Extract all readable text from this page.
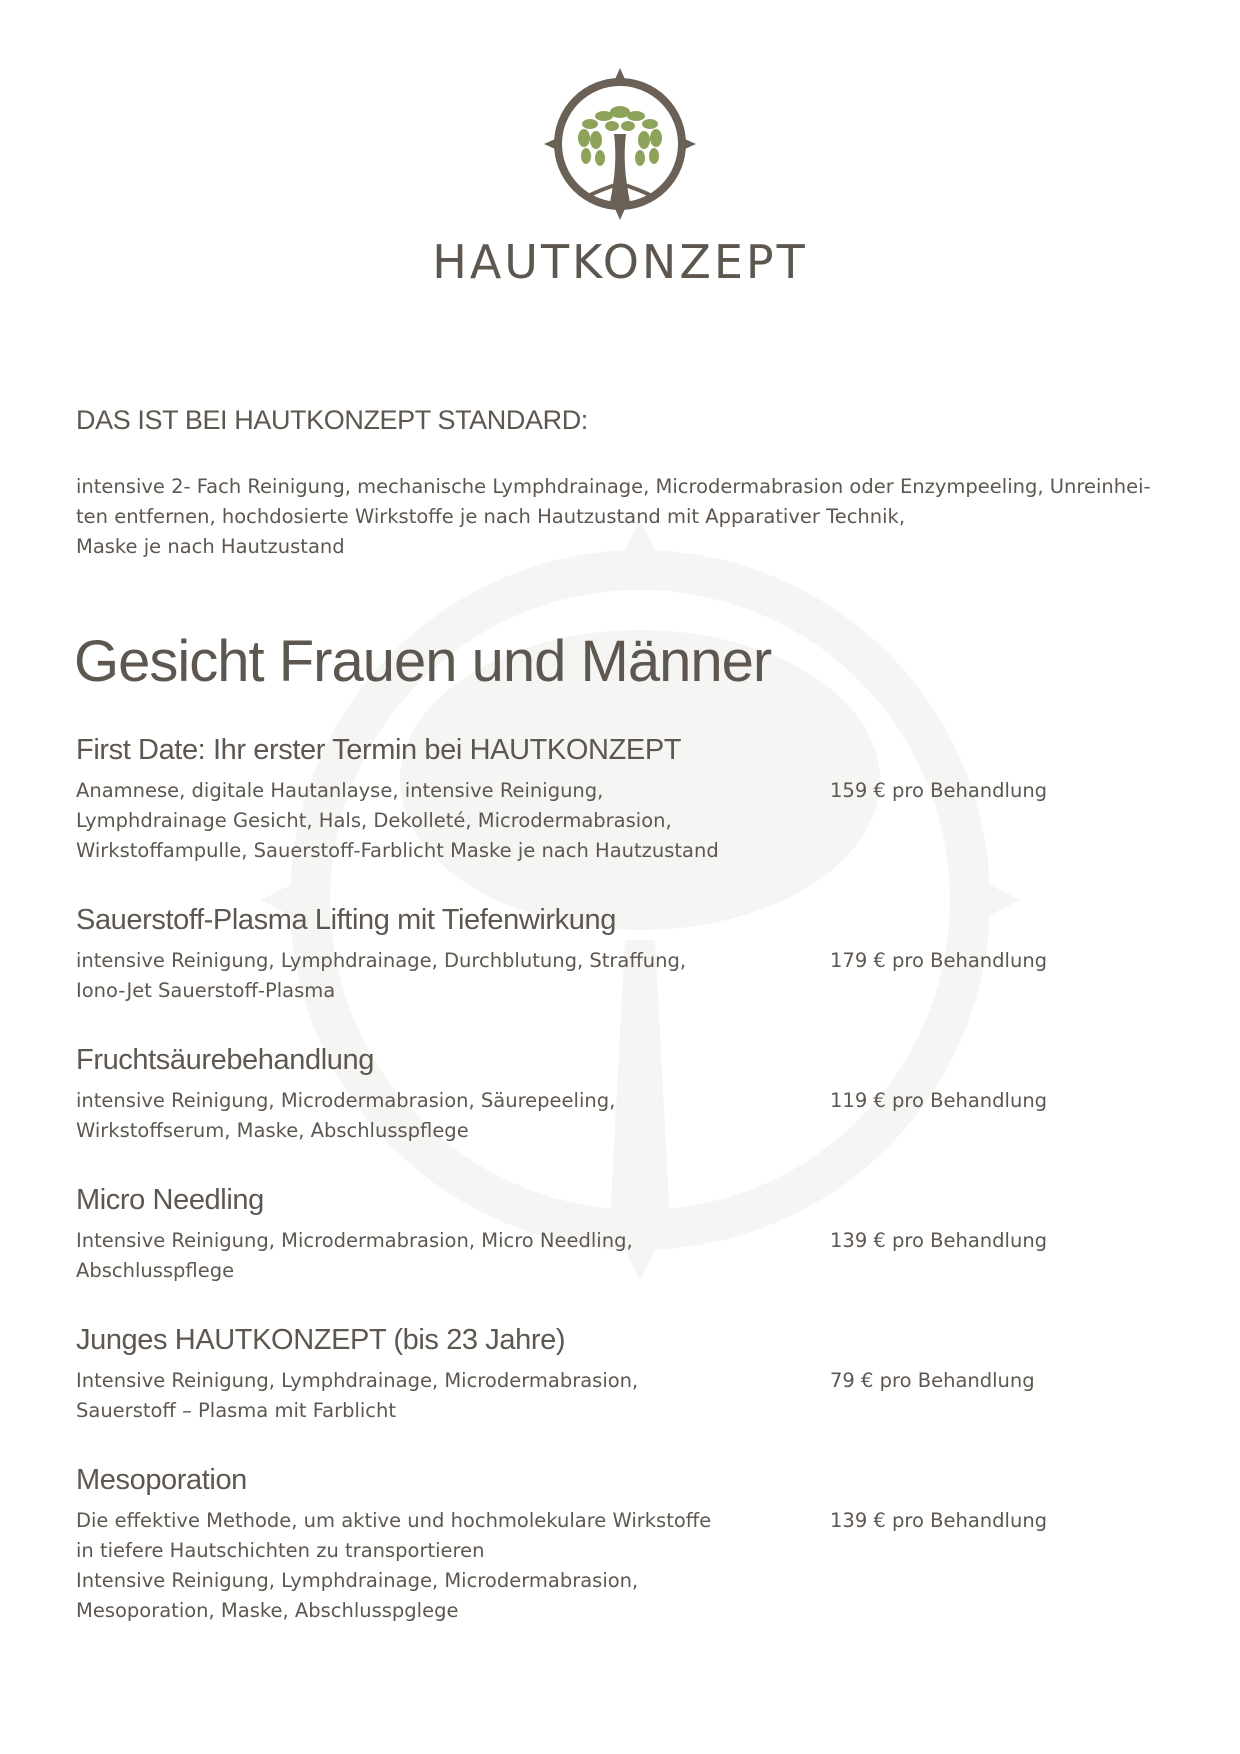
HAUTKONZEPT
DAS IST BEI HAUTKONZEPT STANDARD:
intensive 2- Fach Reinigung, mechanische Lymphdrainage, Microdermabrasion oder Enzympeeling, Unreinhei-
ten entfernen, hochdosierte Wirkstoffe je nach Hautzustand mit Apparativer Technik,
Maske je nach Hautzustand
Gesicht Frauen und Männer
First Date: Ihr erster Termin bei HAUTKONZEPT
Anamnese, digitale Hautanlayse, intensive Reinigung,
Lymphdrainage Gesicht, Hals, Dekolleté, Microdermabrasion,
Wirkstoffampulle, Sauerstoff-Farblicht Maske je nach Hautzustand
159 € pro Behandlung
Sauerstoff-Plasma Lifting mit Tiefenwirkung
intensive Reinigung, Lymphdrainage, Durchblutung, Straffung,
Iono-Jet Sauerstoff-Plasma
179 € pro Behandlung
Fruchtsäurebehandlung
intensive Reinigung, Microdermabrasion, Säurepeeling,
Wirkstoffserum, Maske, Abschlusspflege
119 € pro Behandlung
Micro Needling
Intensive Reinigung, Microdermabrasion, Micro Needling,
Abschlusspflege
139 € pro Behandlung
Junges HAUTKONZEPT (bis 23 Jahre)
Intensive Reinigung, Lymphdrainage, Microdermabrasion,
Sauerstoff – Plasma mit Farblicht
79 € pro Behandlung
Mesoporation
Die effektive Methode, um aktive und hochmolekulare Wirkstoffe
in tiefere Hautschichten zu transportieren
Intensive Reinigung, Lymphdrainage, Microdermabrasion,
Mesoporation, Maske, Abschlusspglege
139 € pro Behandlung
